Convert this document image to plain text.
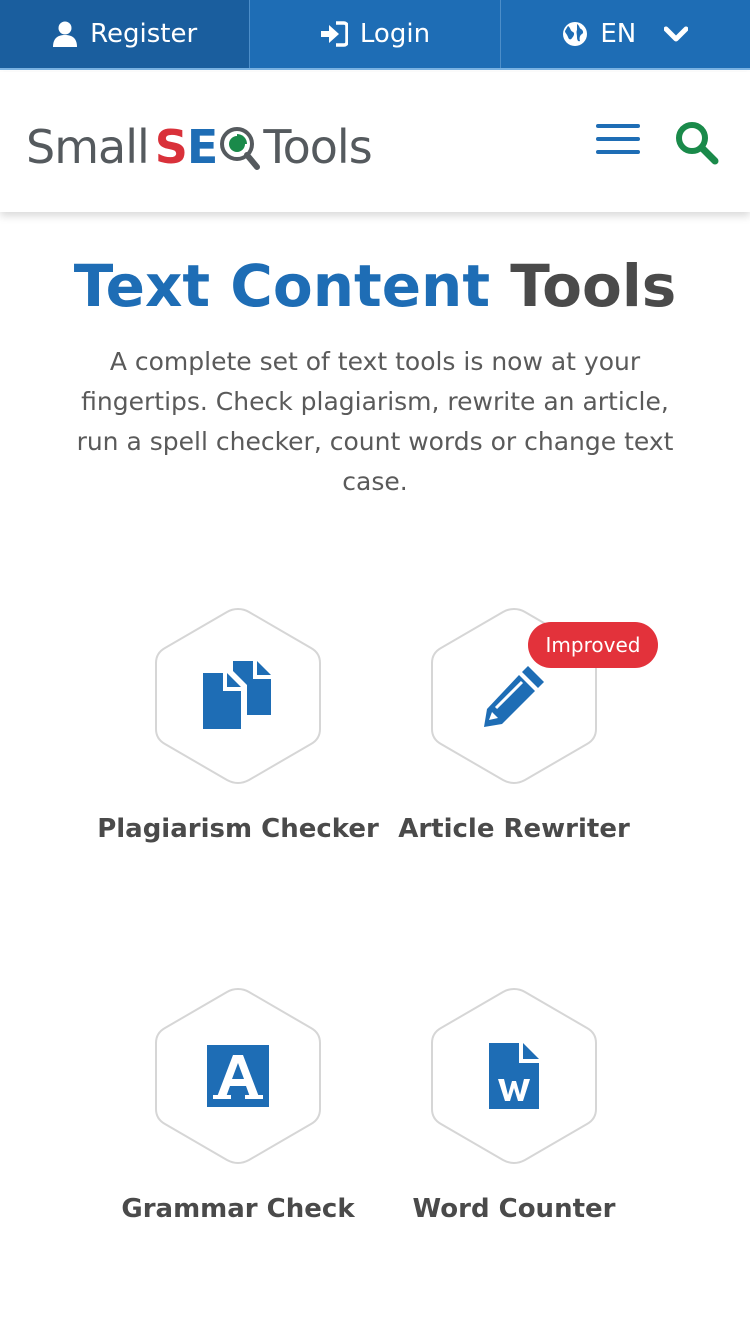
Register	Login	EN
Small S E Tools
Text Content Tools

A complete set of text tools is now at your fingertips. Check plagiarism, rewrite an article, run a spell checker, count words or change text case.

Plagiarism Checker Article Rewriter
Improved
Grammar Check	Word Counter
